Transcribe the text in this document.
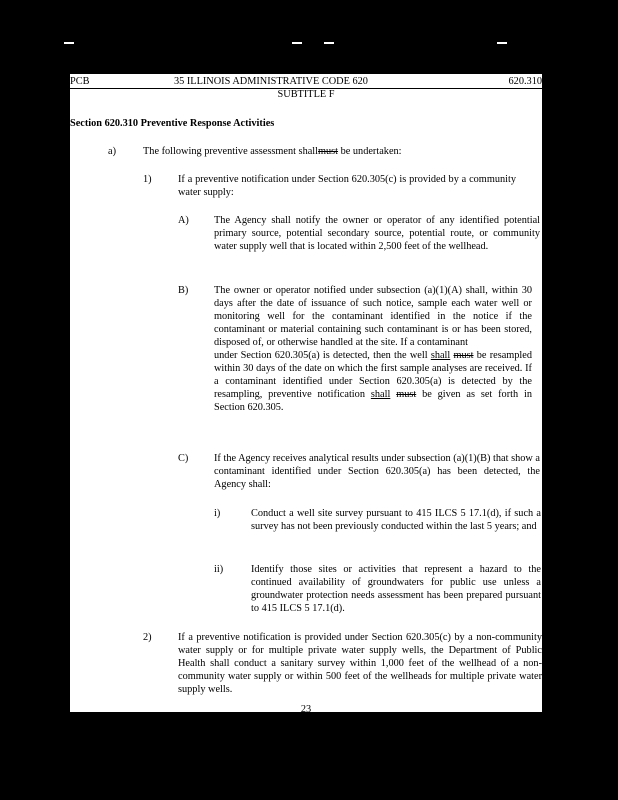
PCB	35 ILLINOIS ADMINISTRATIVE CODE 620	620.310
SUBTITLE F
Section 620.310 Preventive Response Activities
a)	The following preventive assessment shallmust be undertaken:
1)	If a preventive notification under Section 620.305(c) is provided by a community water supply:
A) The Agency shall notify the owner or operator of any identified potential primary source, potential secondary source, potential route, or community water supply well that is located within 2,500 feet of the wellhead.
B) The owner or operator notified under subsection (a)(1)(A) shall, within 30 days after the date of issuance of such notice, sample each water well or monitoring well for the contaminant identified in the notice if the contaminant or material containing such contaminant is or has been stored, disposed of, or otherwise handled at the site. If a contaminantunder Section 620.305(a) is detected, then the well shall must be resampled within 30 days of the date on which the first sample analyses are received. If a contaminant identified under Section 620.305(a) is detected by the resampling, preventive notification shall must be given as set forth in Section 620.305.
C) If the Agency receives analytical results under subsection (a)(1)(B) that show a contaminant identified under Section 620.305(a) has been detected, the Agency shall:
i)	Conduct a well site survey pursuant to 415 ILCS 5 17.1(d), if such a survey has not been previously conducted within the last 5 years; and
ii)	Identify those sites or activities that represent a hazard to the continued availability of groundwaters for public use unless a groundwater protection needs assessment has been prepared pursuant to 415 ILCS 5 17.1(d).
2)	If a preventive notification is provided under Section 620.305(c) by a non-community water supply or for multiple private water supply wells, the Department of Public Health shall conduct a sanitary survey within 1,000 feet of the wellhead of a non-community water supply or within 500 feet of the wellheads for multiple private water supply wells.
23
